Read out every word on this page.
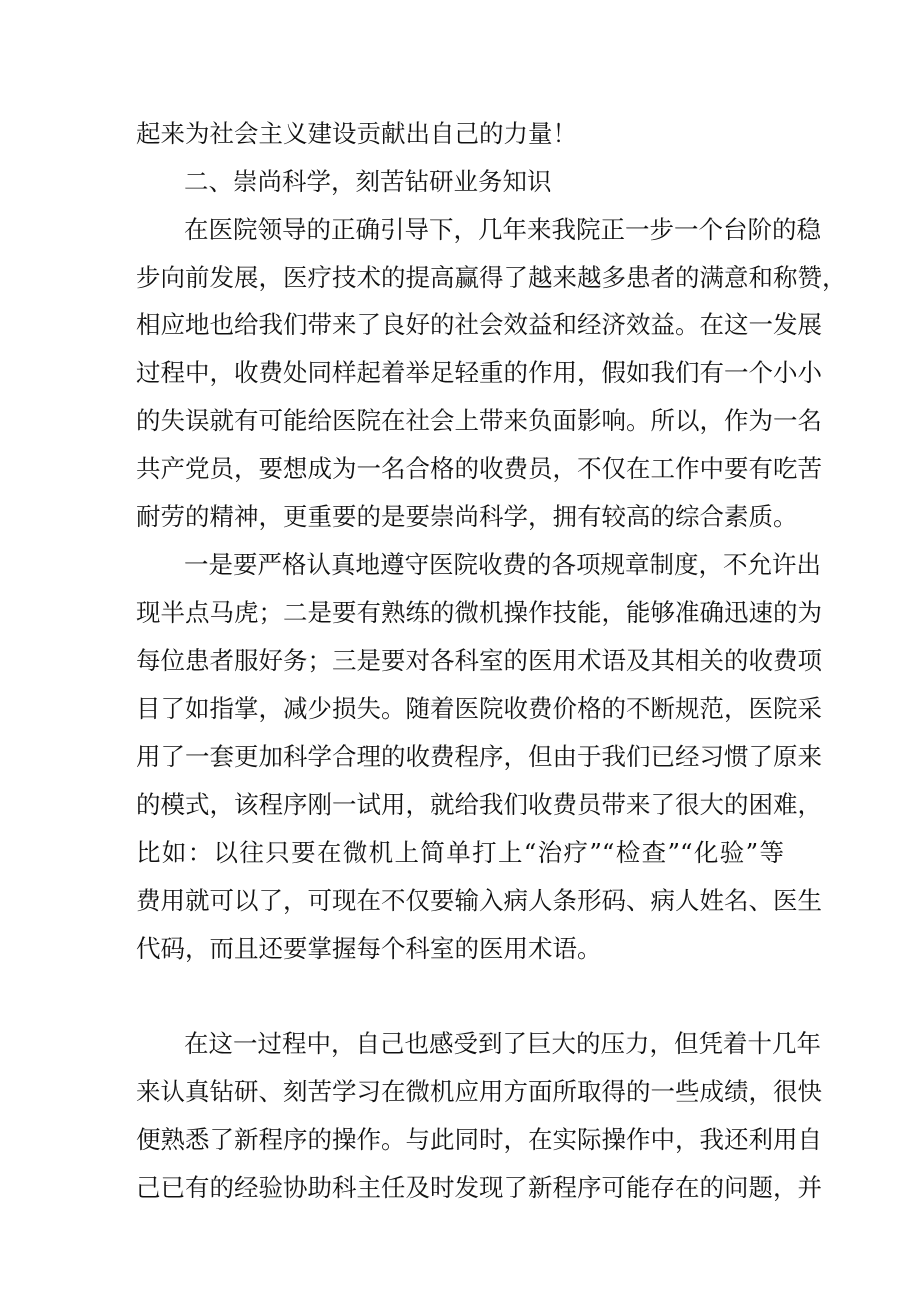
起来为社会主义建设贡献出自己的力量！
二、崇尚科学，刻苦钻研业务知识
在医院领导的正确引导下，几年来我院正一步一个台阶的稳
步向前发展，医疗技术的提高赢得了越来越多患者的满意和称赞，
相应地也给我们带来了良好的社会效益和经济效益。在这一发展
过程中，收费处同样起着举足轻重的作用，假如我们有一个小小
的失误就有可能给医院在社会上带来负面影响。所以，作为一名
共产党员，要想成为一名合格的收费员，不仅在工作中要有吃苦
耐劳的精神，更重要的是要崇尚科学，拥有较高的综合素质。
一是要严格认真地遵守医院收费的各项规章制度，不允许出
现半点马虎；二是要有熟练的微机操作技能，能够准确迅速的为
每位患者服好务；三是要对各科室的医用术语及其相关的收费项
目了如指掌，减少损失。随着医院收费价格的不断规范，医院采
用了一套更加科学合理的收费程序，但由于我们已经习惯了原来
的模式，该程序刚一试用，就给我们收费员带来了很大的困难，
比如：以往只要在微机上简单打上“治疗”“检查”“化验”等
费用就可以了，可现在不仅要输入病人条形码、病人姓名、医生
代码，而且还要掌握每个科室的医用术语。
在这一过程中，自己也感受到了巨大的压力，但凭着十几年
来认真钻研、刻苦学习在微机应用方面所取得的一些成绩，很快
便熟悉了新程序的操作。与此同时，在实际操作中，我还利用自
己已有的经验协助科主任及时发现了新程序可能存在的问题，并
